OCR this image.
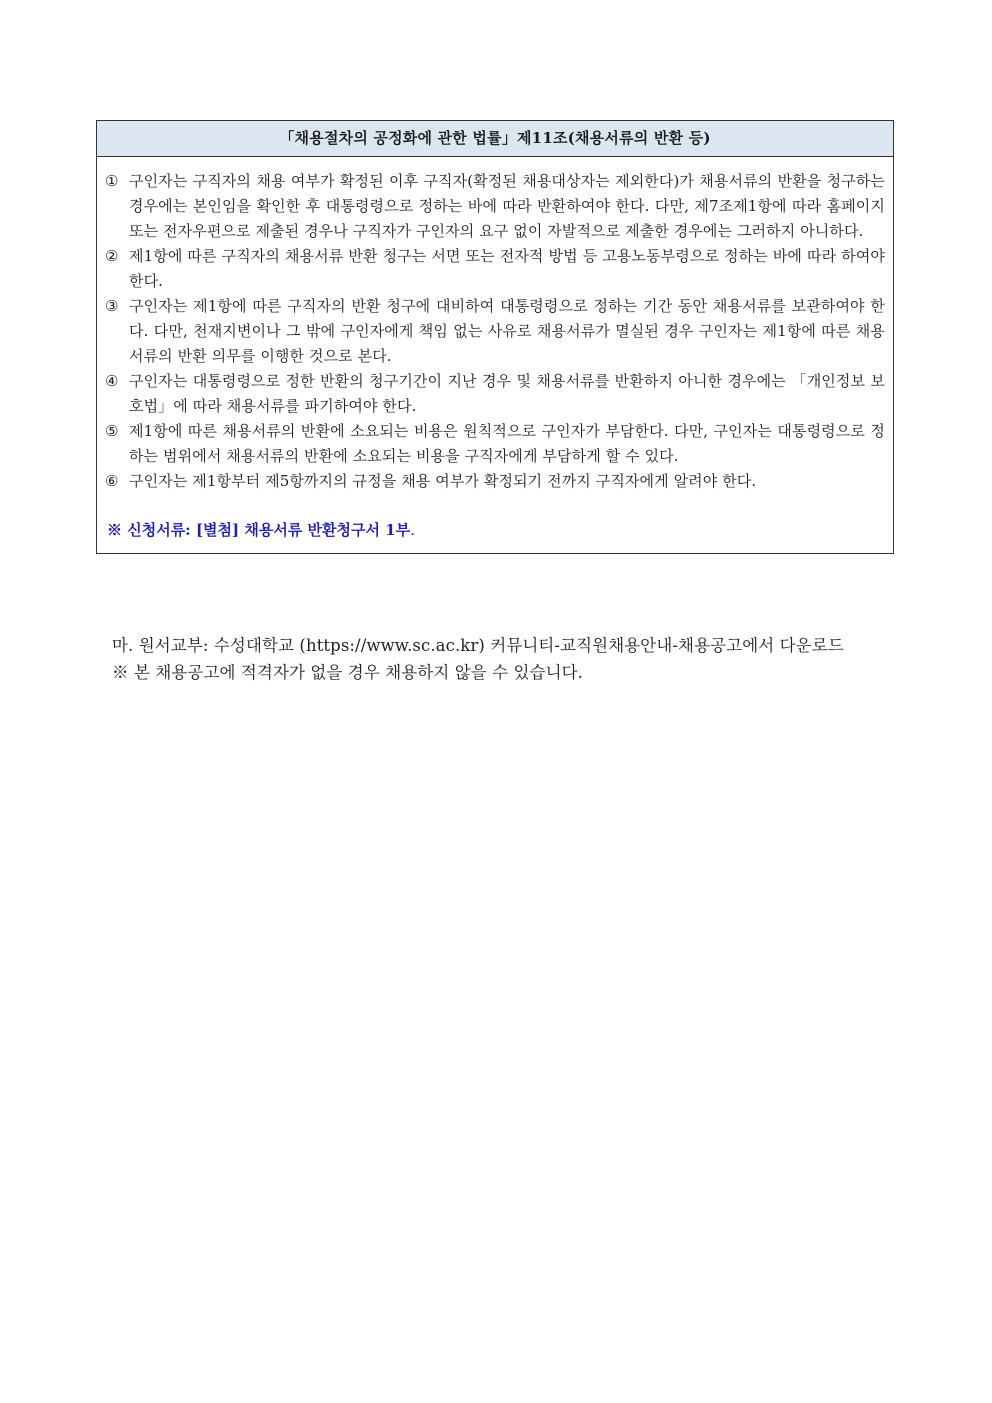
「채용절차의 공정화에 관한 법률」제11조(채용서류의 반환 등)
① 구인자는 구직자의 채용 여부가 확정된 이후 구직자(확정된 채용대상자는 제외한다)가 채용서류의 반환을 청구하는 경우에는 본인임을 확인한 후 대통령령으로 정하는 바에 따라 반환하여야 한다. 다만, 제7조제1항에 따라 홈페이지 또는 전자우편으로 제출된 경우나 구직자가 구인자의 요구 없이 자발적으로 제출한 경우에는 그러하지 아니하다.
② 제1항에 따른 구직자의 채용서류 반환 청구는 서면 또는 전자적 방법 등 고용노동부령으로 정하는 바에 따라 하여야 한다.
③ 구인자는 제1항에 따른 구직자의 반환 청구에 대비하여 대통령령으로 정하는 기간 동안 채용서류를 보관하여야 한다. 다만, 천재지변이나 그 밖에 구인자에게 책임 없는 사유로 채용서류가 멸실된 경우 구인자는 제1항에 따른 채용서류의 반환 의무를 이행한 것으로 본다.
④ 구인자는 대통령령으로 정한 반환의 청구기간이 지난 경우 및 채용서류를 반환하지 아니한 경우에는 「개인정보 보호법」에 따라 채용서류를 파기하여야 한다.
⑤ 제1항에 따른 채용서류의 반환에 소요되는 비용은 원칙적으로 구인자가 부담한다. 다만, 구인자는 대통령령으로 정하는 범위에서 채용서류의 반환에 소요되는 비용을 구직자에게 부담하게 할 수 있다.
⑥ 구인자는 제1항부터 제5항까지의 규정을 채용 여부가 확정되기 전까지 구직자에게 알려야 한다.
※ 신청서류: [별첨] 채용서류 반환청구서 1부.
마. 원서교부: 수성대학교 (https://www.sc.ac.kr) 커뮤니티-교직원채용안내-채용공고에서 다운로드
※ 본 채용공고에 적격자가 없을 경우 채용하지 않을 수 있습니다.
